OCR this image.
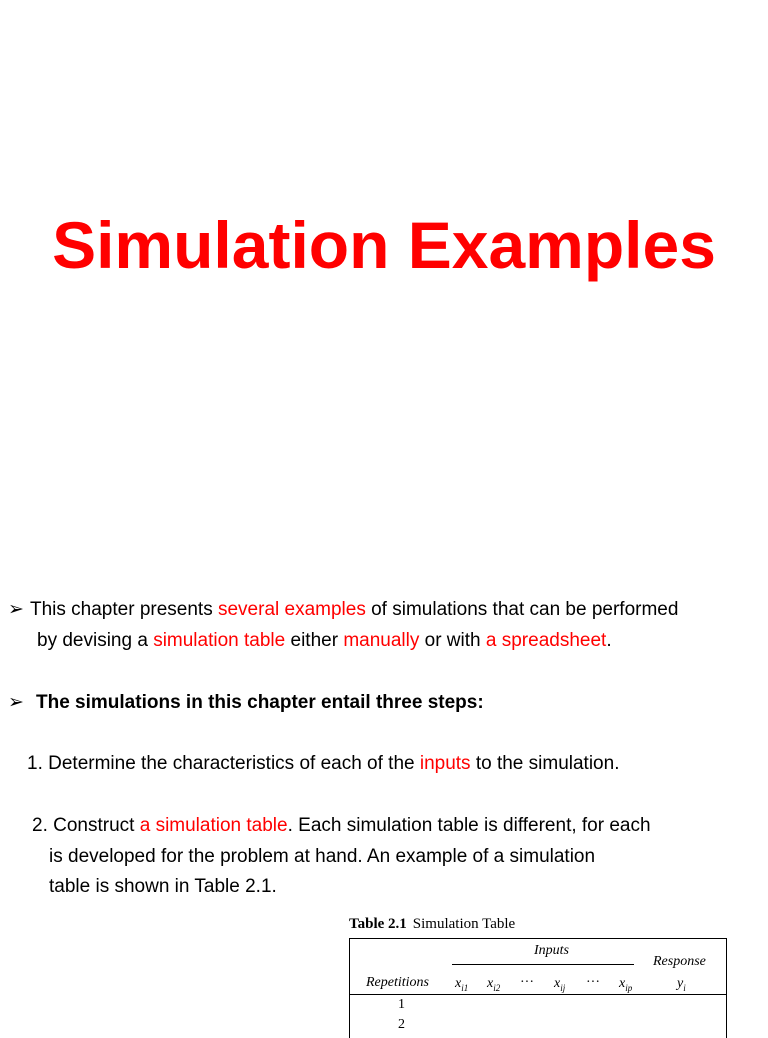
Simulation Examples
➢ This chapter presents several examples of simulations that can be performed
by devising a simulation table either manually or with a spreadsheet.
➢ The simulations in this chapter entail three steps:
1. Determine the characteristics of each of the inputs to the simulation.
2. Construct a simulation table. Each simulation table is different, for each
is developed for the problem at hand. An example of a simulation
table is shown in Table 2.1.
Table 2.1 Simulation Table
Inputs
Response
Repetitions $x_{i1}$ $x_{i2}$ ··· $x_{ij}$ ··· $x_{ip}$	$y_i$
1
2
